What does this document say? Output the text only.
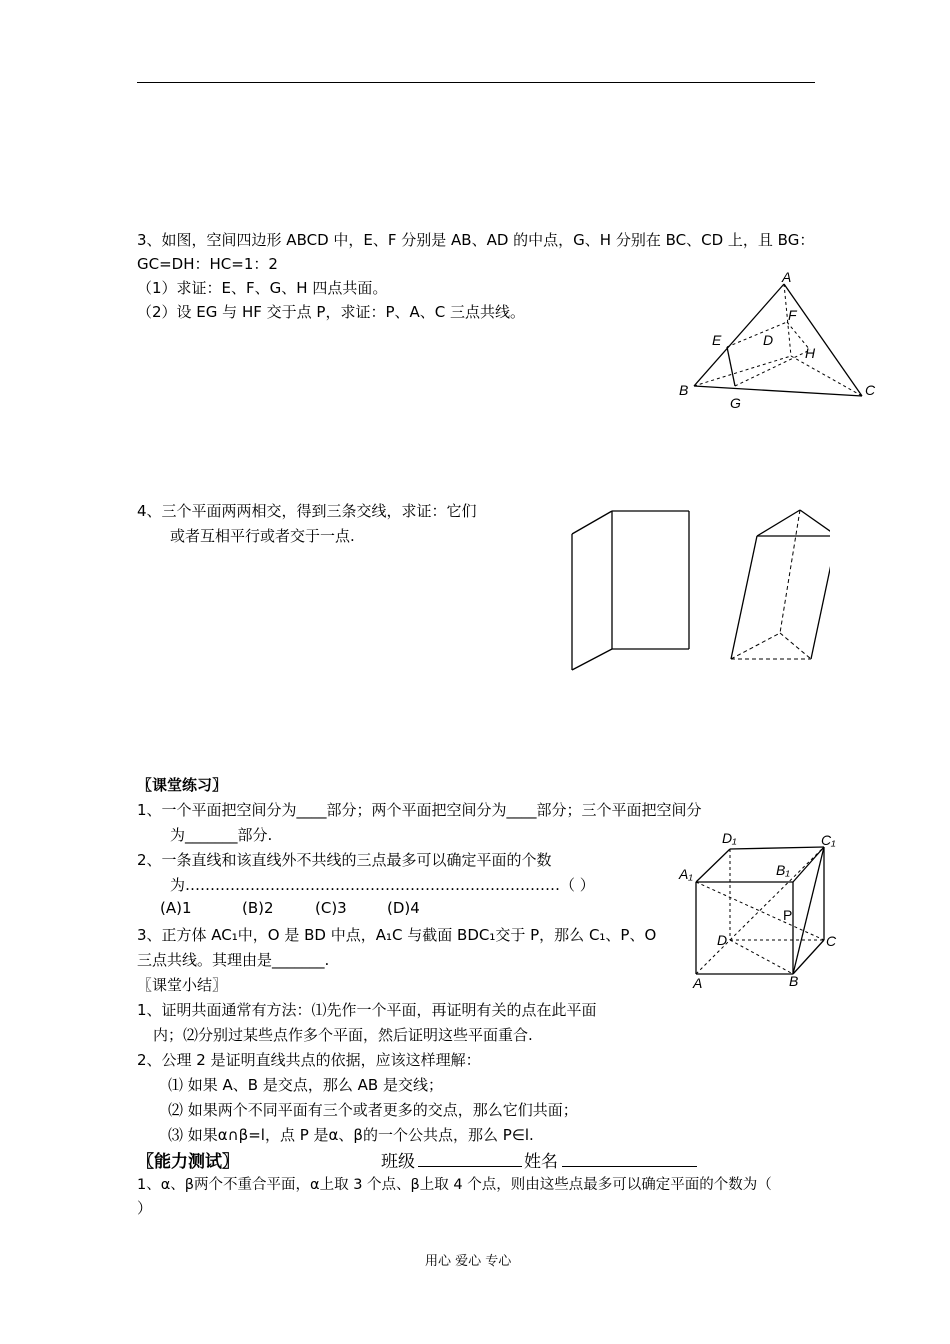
3、如图，空间四边形 ABCD 中，E、F 分别是 AB、AD 的中点，G、H 分别在 BC、CD 上，且 BG：
GC=DH：HC=1：2
（1）求证：E、F、G、H 四点共面。
（2）设 EG 与 HF 交于点 P，求证：P、A、C 三点共线。
A
B	C
D
E
F
G
H
4、三个平面两两相交，得到三条交线，求证：它们
或者互相平行或者交于一点.
〖课堂练习〗
1、一个平面把空间分为____部分；两个平面把空间分为____部分；三个平面把空间分
为_______部分.
2、一条直线和该直线外不共线的三点最多可以确定平面的个数
为…………………………………………………………………（ ）
(A)1	(B)2	(C)3	(D)4
3、正方体 AC₁中，O 是 BD 中点，A₁C 与截面 BDC₁交于 P，那么 C₁、P、O
三点共线。其理由是_______.
D₁	C₁
A₁	B₁
P
D	C
A	B
〖课堂小结〗
1、证明共面通常有方法：⑴先作一个平面，再证明有关的点在此平面
内；⑵分别过某些点作多个平面，然后证明这些平面重合.
2、公理 2 是证明直线共点的依据，应该这样理解：
⑴ 如果 A、B 是交点，那么 AB 是交线；
⑵ 如果两个不同平面有三个或者更多的交点，那么它们共面；
⑶ 如果α∩β=l，点 P 是α、β的一个公共点，那么 P∈l.
〖能力测试〗	班级	姓名
1、α、β两个不重合平面，α上取 3 个点、β上取 4 个点，则由这些点最多可以确定平面的个数为（
）
用心 爱心 专心
